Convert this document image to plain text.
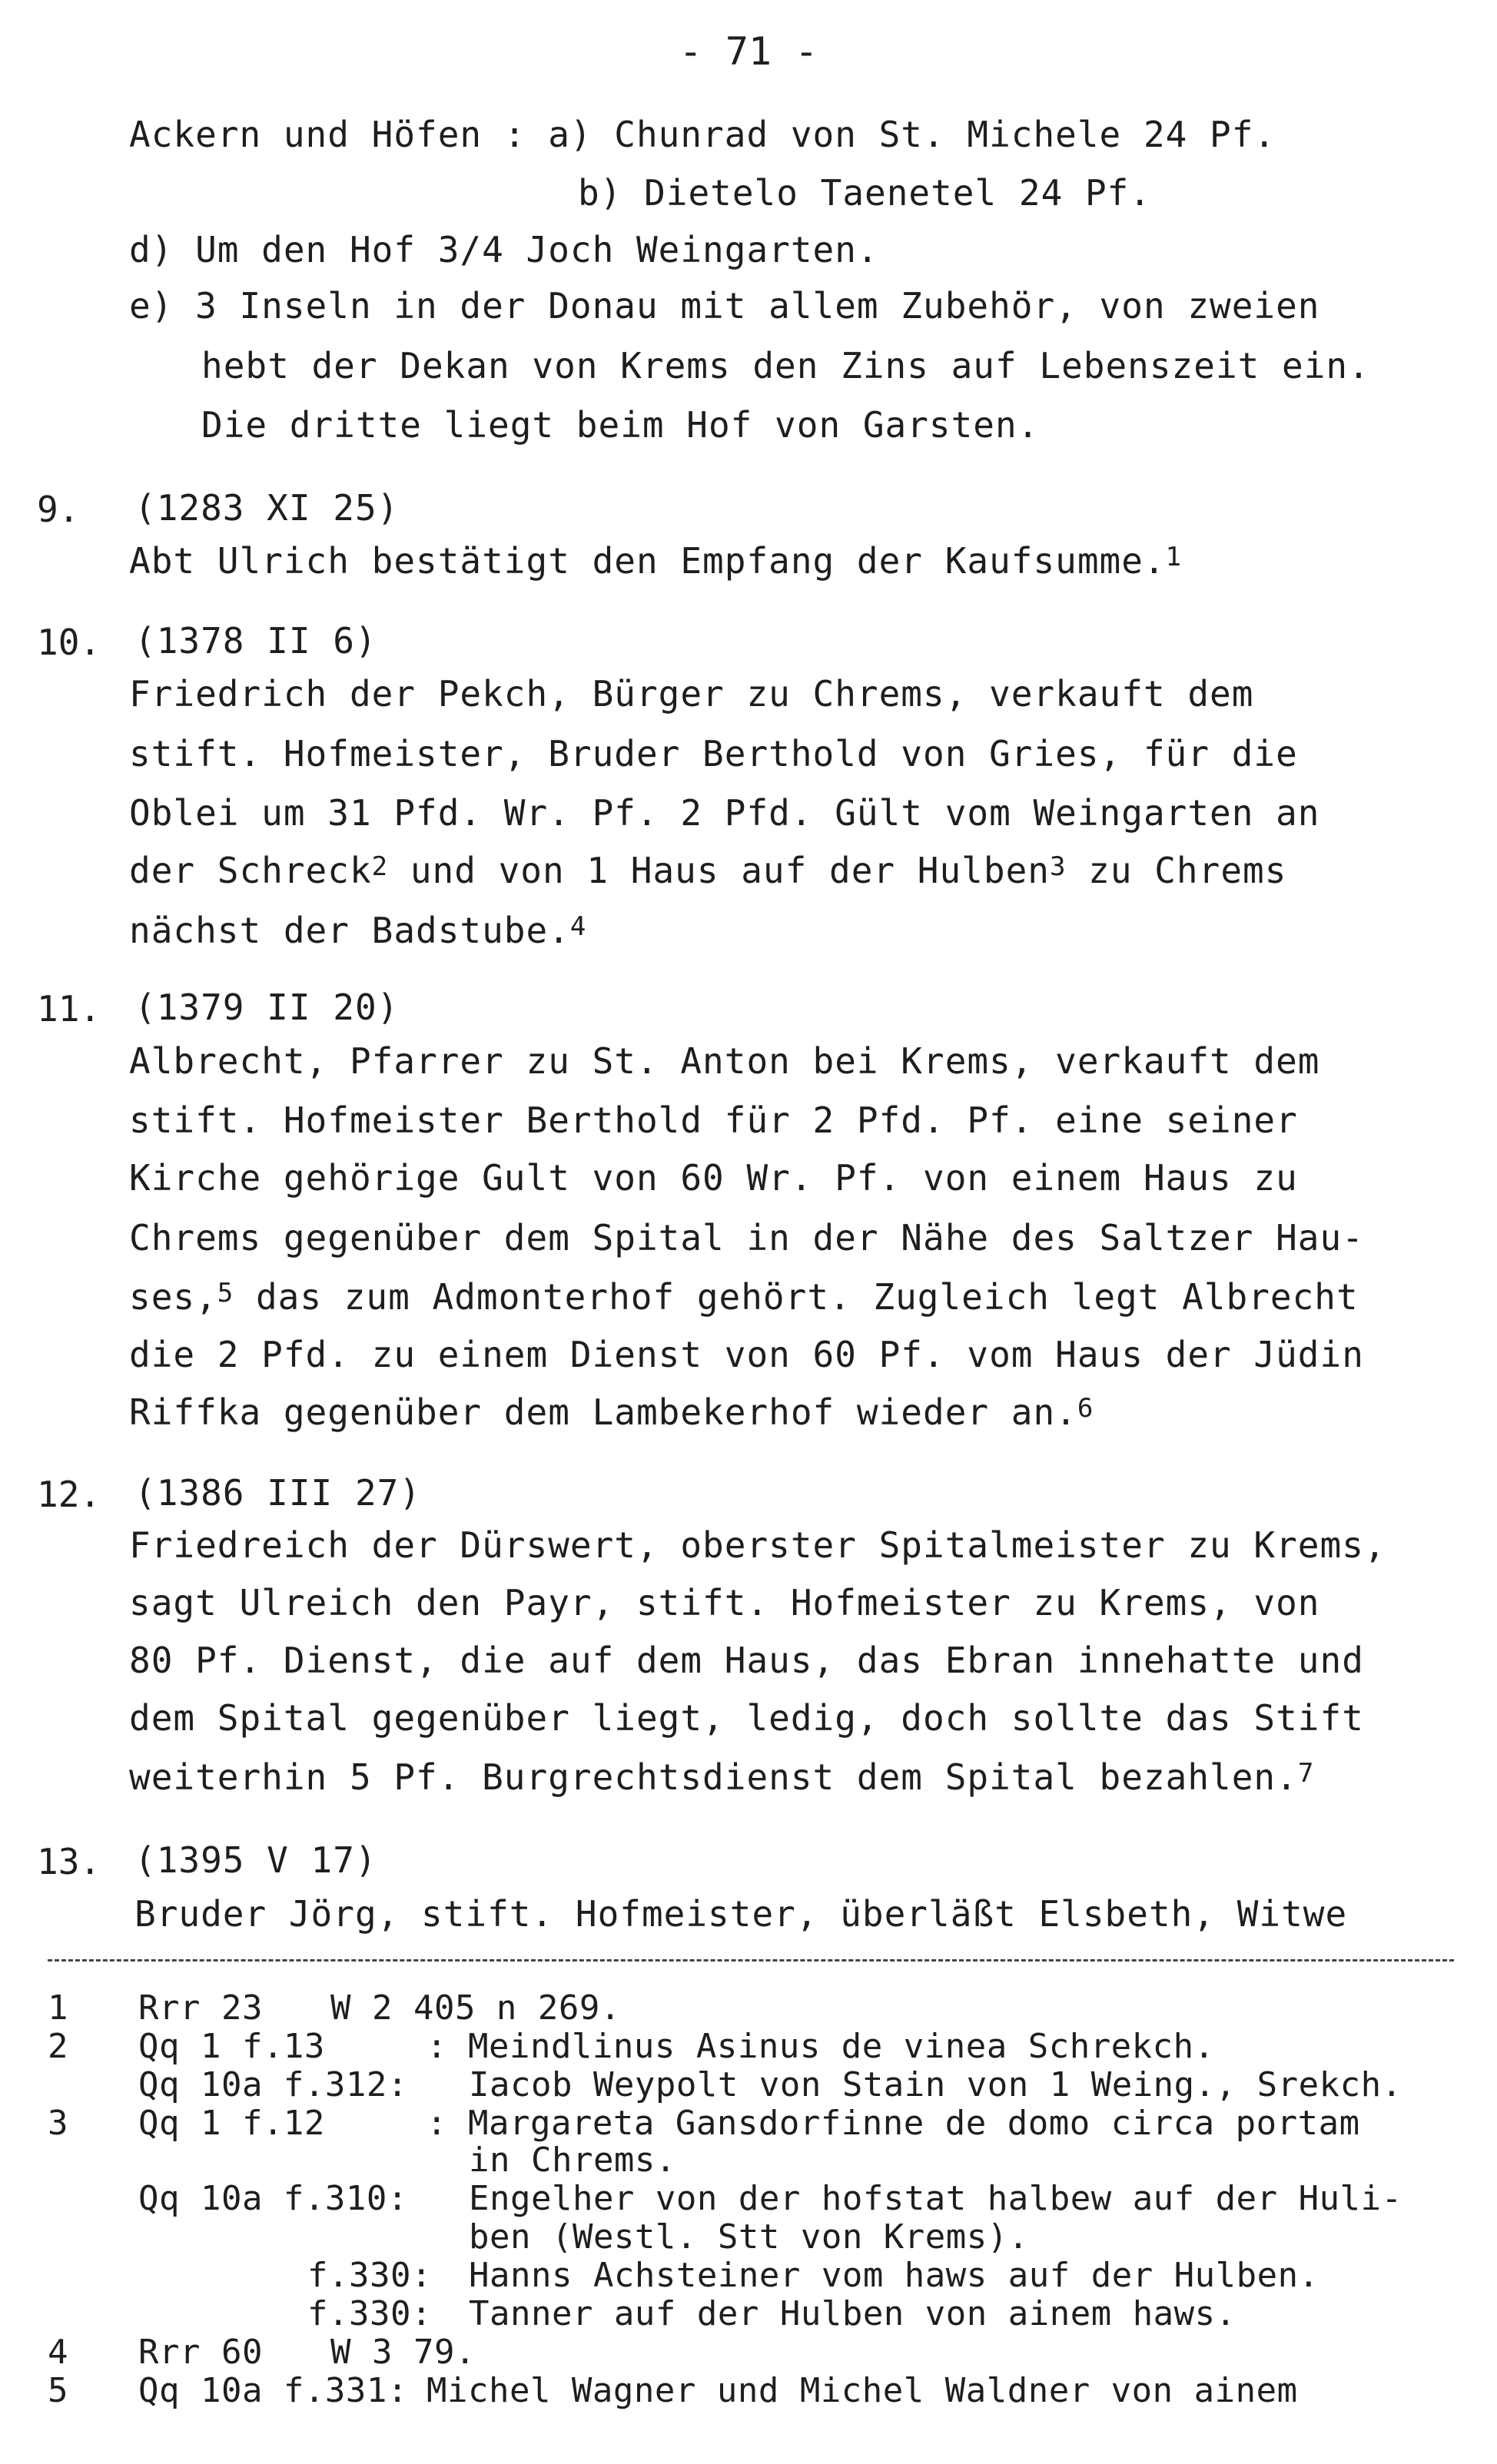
- 71 -
Ackern und Höfen : a) Chunrad von St. Michele 24 Pf.
b) Dietelo Taenetel 24 Pf.
d) Um den Hof 3/4 Joch Weingarten.
e) 3 Inseln in der Donau mit allem Zubehör, von zweien
hebt der Dekan von Krems den Zins auf Lebenszeit ein.
Die dritte liegt beim Hof von Garsten.
9. (1283 XI 25)
Abt Ulrich bestätigt den Empfang der Kaufsumme.$^1$
10. (1378 II 6)
Friedrich der Pekch, Bürger zu Chrems, verkauft dem
stift. Hofmeister, Bruder Berthold von Gries, für die
Oblei um 31 Pfd. Wr. Pf. 2 Pfd. Gült vom Weingarten an
der Schreck$^2$ und von 1 Haus auf der Hulben$^3$ zu Chrems
nächst der Badstube.$^4$
11. (1379 II 20)
Albrecht, Pfarrer zu St. Anton bei Krems, verkauft dem
stift. Hofmeister Berthold für 2 Pfd. Pf. eine seiner
Kirche gehörige Gult von 60 Wr. Pf. von einem Haus zu
Chrems gegenüber dem Spital in der Nähe des Saltzer Hau-
ses,$^5$ das zum Admonterhof gehört. Zugleich legt Albrecht
die 2 Pfd. zu einem Dienst von 60 Pf. vom Haus der Jüdin
Riffka gegenüber dem Lambekerhof wieder an.$^6$
12. (1386 III 27)
Friedreich der Dürswert, oberster Spitalmeister zu Krems,
sagt Ulreich den Payr, stift. Hofmeister zu Krems, von
80 Pf. Dienst, die auf dem Haus, das Ebran innehatte und
dem Spital gegenüber liegt, ledig, doch sollte das Stift
weiterhin 5 Pf. Burgrechtsdienst dem Spital bezahlen.$^7$
13. (1395 V 17)
Bruder Jörg, stift. Hofmeister, überläßt Elsbeth, Witwe
1 Rrr 23 W 2 405 n 269.
2 Qq 1 f.13	: Meindlinus Asinus de vinea Schrekch.
Qq 10a f.312: Iacob Weypolt von Stain von 1 Weing., Srekch.
3 Qq 1 f.12	: Margareta Gansdorfinne de domo circa portam
in Chrems.
Qq 10a f.310: Engelher von der hofstat halbew auf der Huli-
ben (Westl. Stt von Krems).
f.330: Hanns Achsteiner vom haws auf der Hulben.
f.330: Tanner auf der Hulben von ainem haws.
4 Rrr 60 W 3 79.
5 Qq 10a f.331: Michel Wagner und Michel Waldner von ainem
